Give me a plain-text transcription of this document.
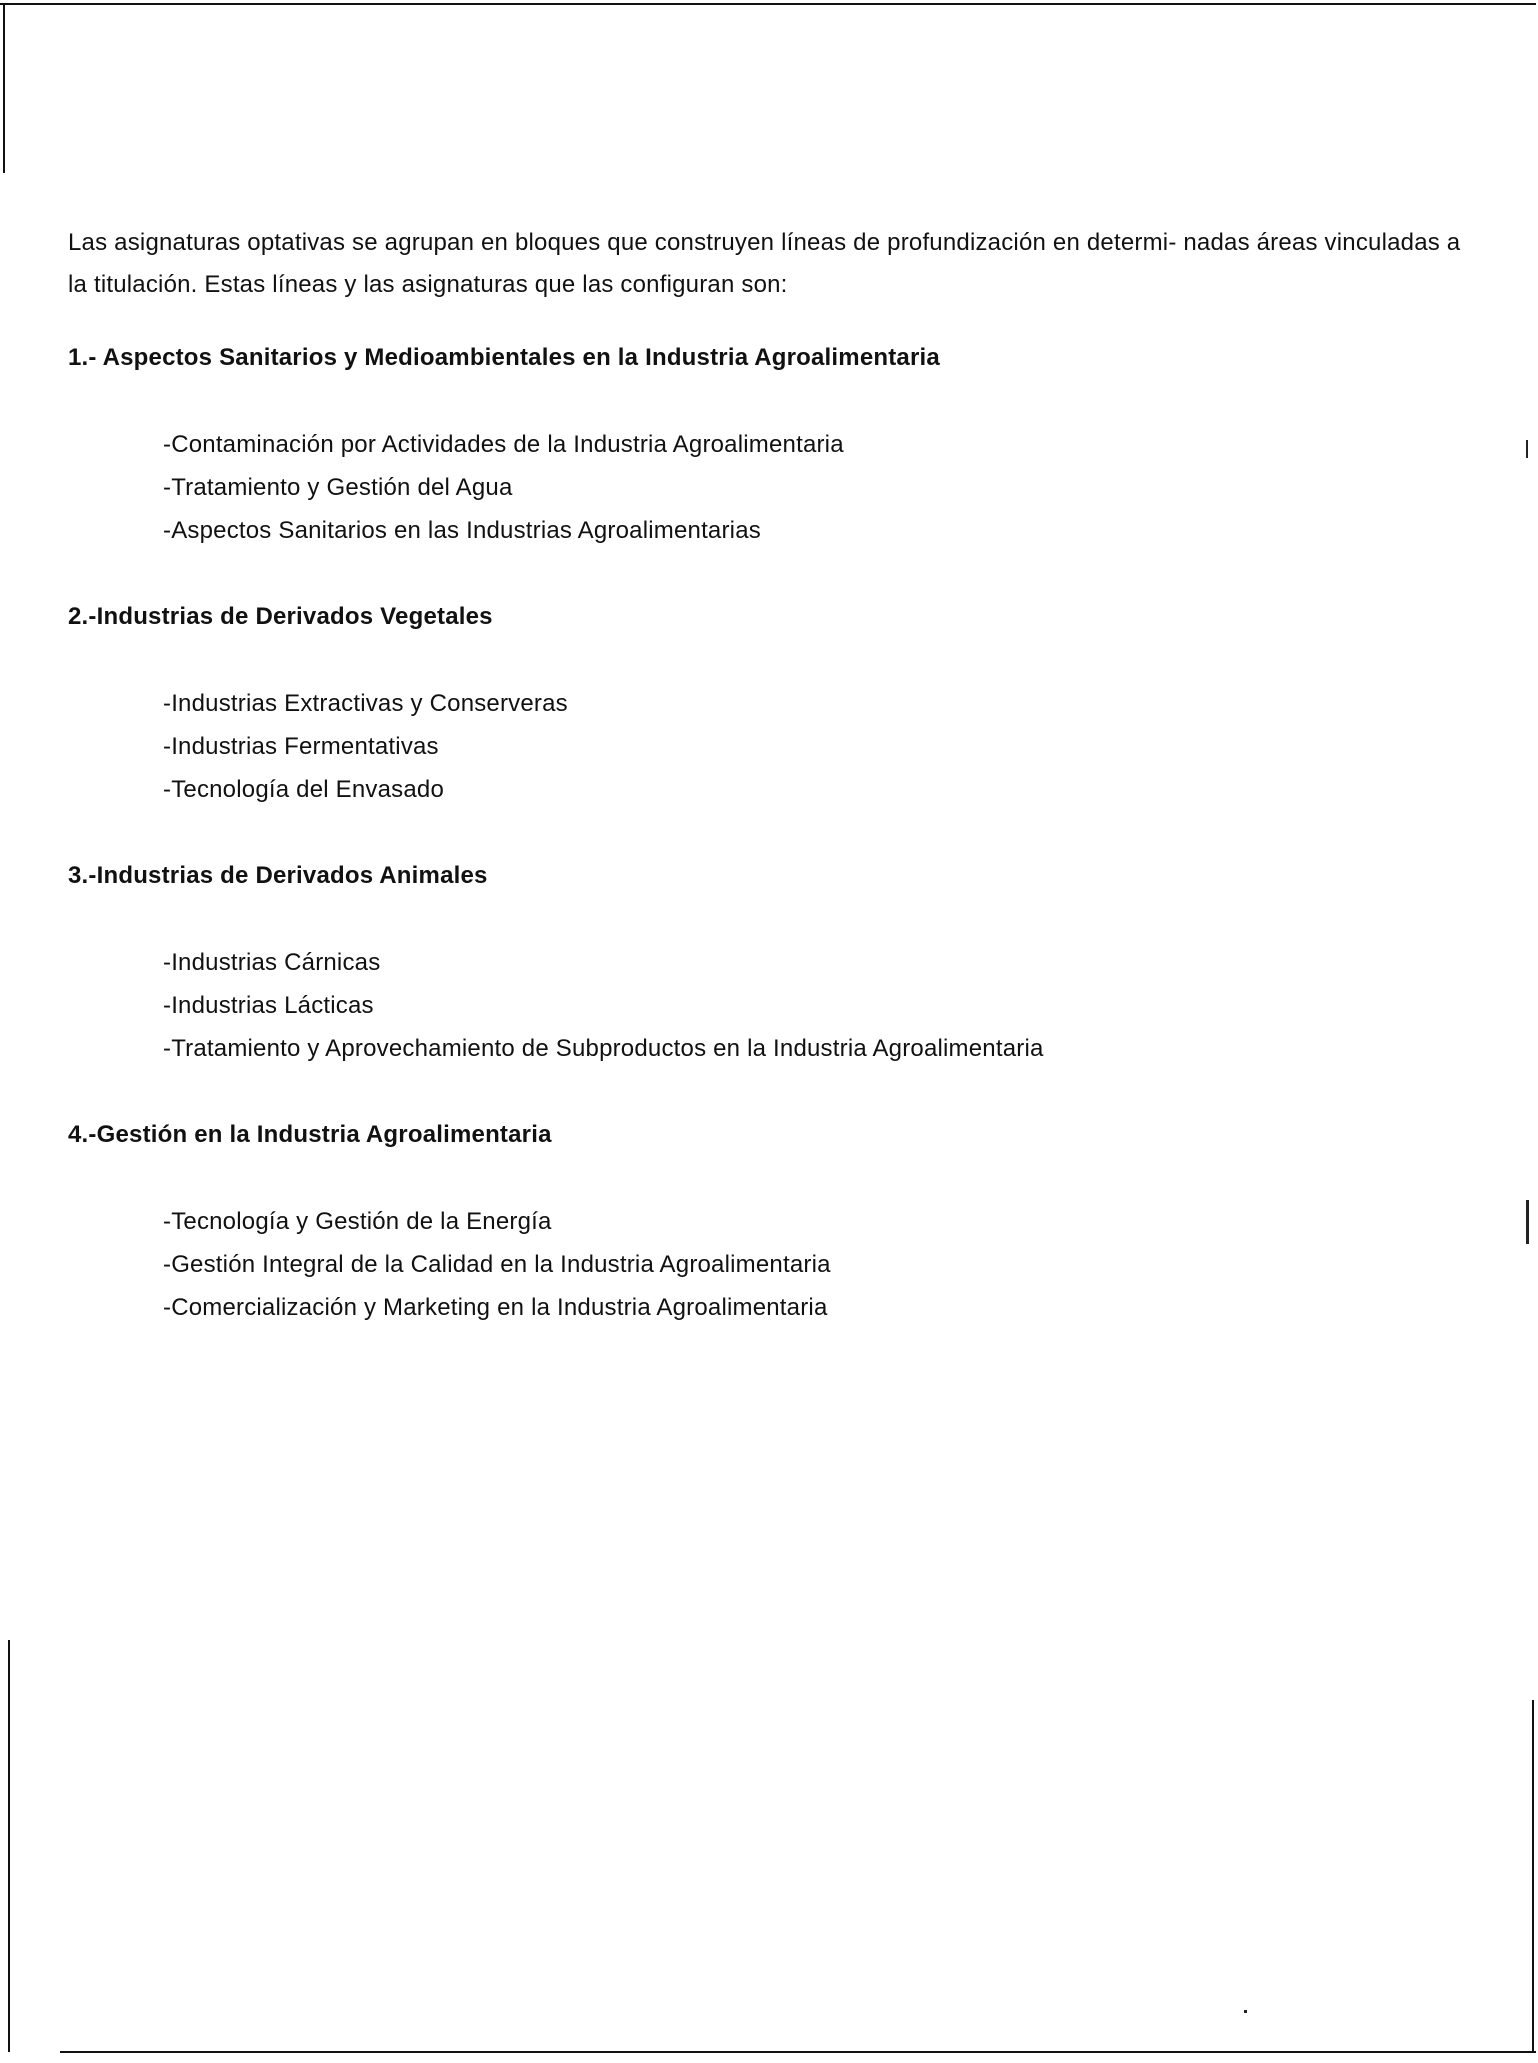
Las asignaturas optativas se agrupan en bloques que construyen líneas de profundización en determi- nadas áreas vinculadas a la titulación. Estas líneas y las asignaturas que las configuran son:

1.- Aspectos Sanitarios y Medioambientales en la Industria Agroalimentaria

-Contaminación por Actividades de la Industria Agroalimentaria
-Tratamiento y Gestión del Agua
-Aspectos Sanitarios en las Industrias Agroalimentarias

2.-Industrias de Derivados Vegetales

-Industrias Extractivas y Conserveras
-Industrias Fermentativas
-Tecnología del Envasado

3.-Industrias de Derivados Animales

-Industrias Cárnicas
-Industrias Lácticas
-Tratamiento y Aprovechamiento de Subproductos en la Industria Agroalimentaria

4.-Gestión en la Industria Agroalimentaria

-Tecnología y Gestión de la Energía
-Gestión Integral de la Calidad en la Industria Agroalimentaria
-Comercialización y Marketing en la Industria Agroalimentaria
